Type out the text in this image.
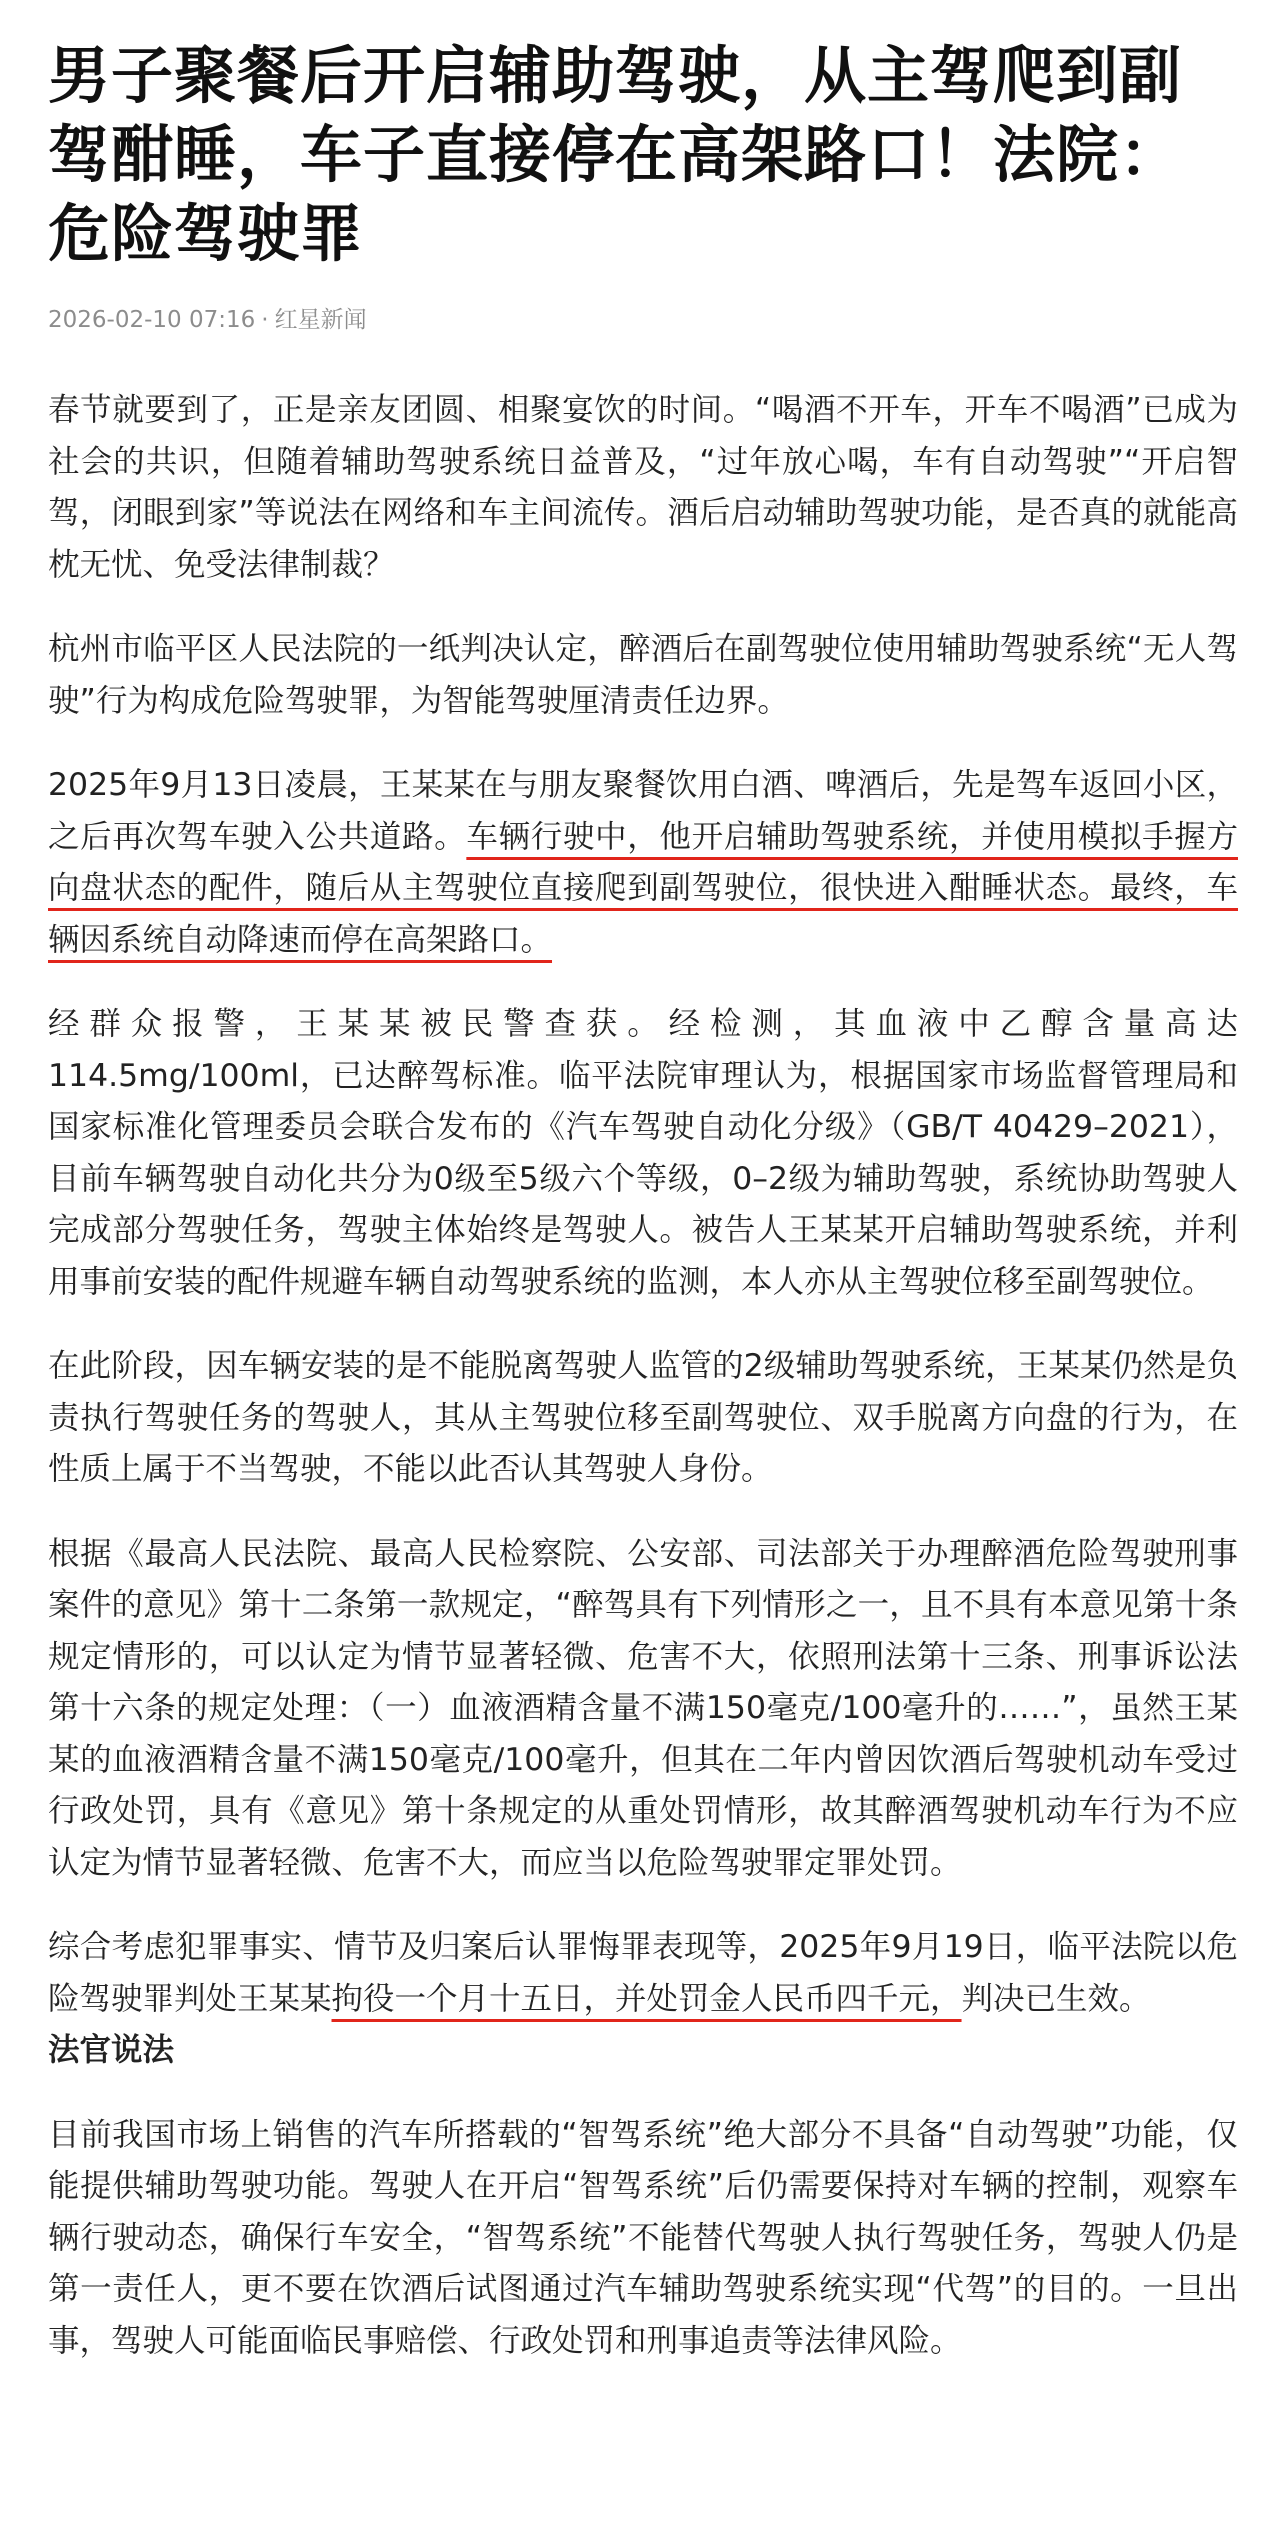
男子聚餐后开启辅助驾驶，从主驾爬到副驾酣睡，车子直接停在高架路口！法院：危险驾驶罪
2026-02-10 07:16 · 红星新闻

春节就要到了，正是亲友团圆、相聚宴饮的时间。“喝酒不开车，开车不喝酒”已成为社会的共识，但随着辅助驾驶系统日益普及，“过年放心喝，车有自动驾驶”“开启智驾，闭眼到家”等说法在网络和车主间流传。酒后启动辅助驾驶功能，是否真的就能高枕无忧、免受法律制裁？

杭州市临平区人民法院的一纸判决认定，醉酒后在副驾驶位使用辅助驾驶系统“无人驾驶”行为构成危险驾驶罪，为智能驾驶厘清责任边界。

2025年9月13日凌晨，王某某在与朋友聚餐饮用白酒、啤酒后，先是驾车返回小区，之后再次驾车驶入公共道路。车辆行驶中，他开启辅助驾驶系统，并使用模拟手握方向盘状态的配件，随后从主驾驶位直接爬到副驾驶位，很快进入酣睡状态。最终，车辆因系统自动降速而停在高架路口。

经群众报警，王某某被民警查获。经检测，其血液中乙醇含量高达114.5mg/100ml，已达醉驾标准。临平法院审理认为，根据国家市场监督管理局和国家标准化管理委员会联合发布的《汽车驾驶自动化分级》（GB/T 40429–2021），目前车辆驾驶自动化共分为0级至5级六个等级，0–2级为辅助驾驶，系统协助驾驶人完成部分驾驶任务，驾驶主体始终是驾驶人。被告人王某某开启辅助驾驶系统，并利用事前安装的配件规避车辆自动驾驶系统的监测，本人亦从主驾驶位移至副驾驶位。

在此阶段，因车辆安装的是不能脱离驾驶人监管的2级辅助驾驶系统，王某某仍然是负责执行驾驶任务的驾驶人，其从主驾驶位移至副驾驶位、双手脱离方向盘的行为，在性质上属于不当驾驶，不能以此否认其驾驶人身份。

根据《最高人民法院、最高人民检察院、公安部、司法部关于办理醉酒危险驾驶刑事案件的意见》第十二条第一款规定，“醉驾具有下列情形之一，且不具有本意见第十条规定情形的，可以认定为情节显著轻微、危害不大，依照刑法第十三条、刑事诉讼法第十六条的规定处理：（一）血液酒精含量不满150毫克/100毫升的……”，虽然王某某的血液酒精含量不满150毫克/100毫升，但其在二年内曾因饮酒后驾驶机动车受过行政处罚，具有《意见》第十条规定的从重处罚情形，故其醉酒驾驶机动车行为不应认定为情节显著轻微、危害不大，而应当以危险驾驶罪定罪处罚。

综合考虑犯罪事实、情节及归案后认罪悔罪表现等，2025年9月19日，临平法院以危险驾驶罪判处王某某拘役一个月十五日，并处罚金人民币四千元，判决已生效。

法官说法

目前我国市场上销售的汽车所搭载的“智驾系统”绝大部分不具备“自动驾驶”功能，仅能提供辅助驾驶功能。驾驶人在开启“智驾系统”后仍需要保持对车辆的控制，观察车辆行驶动态，确保行车安全，“智驾系统”不能替代驾驶人执行驾驶任务，驾驶人仍是第一责任人，更不要在饮酒后试图通过汽车辅助驾驶系统实现“代驾”的目的。一旦出事，驾驶人可能面临民事赔偿、行政处罚和刑事追责等法律风险。
